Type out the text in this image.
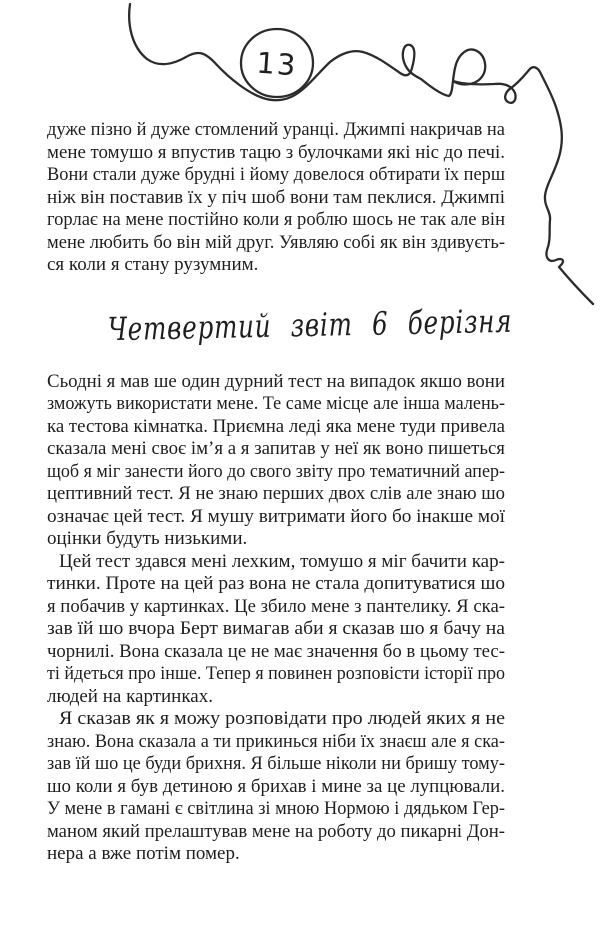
13
дуже пізно й дуже стомлений уранці. Джимпі накричав на
мене томушо я впустив тацю з булочками які ніс до печі.
Вони стали дуже брудні і йому довелося обтирати їх перш
ніж він поставив їх у піч шоб вони там пеклися. Джимпі
горлає на мене постійно коли я роблю шось не так але він
мене любить бо він мій друг. Уявляю собі як він здивуєть-
ся коли я стану рузумним.
Четвертий звіт 6 берізня
Сьодні я мав ше один дурний тест на випадок якшо вони
зможуть використати мене. Те саме місце але інша малень-
ка тестова кімнатка. Приємна леді яка мене туди привела
сказала мені своє ім’я а я запитав у неї як воно пишеться
щоб я міг занести його до свого звіту про тематичний апер-
цептивний тест. Я не знаю перших двох слів але знаю шо
означає цей тест. Я мушу витримати його бо інакше мої
оцінки будуть низькими.
Цей тест здався мені лехким, томушо я міг бачити кар-
тинки. Проте на цей раз вона не стала допитуватися шо
я побачив у картинках. Це збило мене з пантелику. Я ска-
зав їй шо вчора Берт вимагав аби я сказав шо я бачу на
чорнилі. Вона сказала це не має значення бо в цьому тес-
ті йдеться про інше. Тепер я повинен розповісти історії про
людей на картинках.
Я сказав як я можу розповідати про людей яких я не
знаю. Вона сказала а ти прикинься ніби їх знаєш але я ска-
зав їй шо це буди брихня. Я більше ніколи ни бришу тому-
шо коли я був детиною я брихав і мине за це лупцювали.
У мене в гамані є світлина зі мною Нормою і дядьком Гер-
маном який прелаштував мене на роботу до пикарні Дон-
нера а вже потім помер.
